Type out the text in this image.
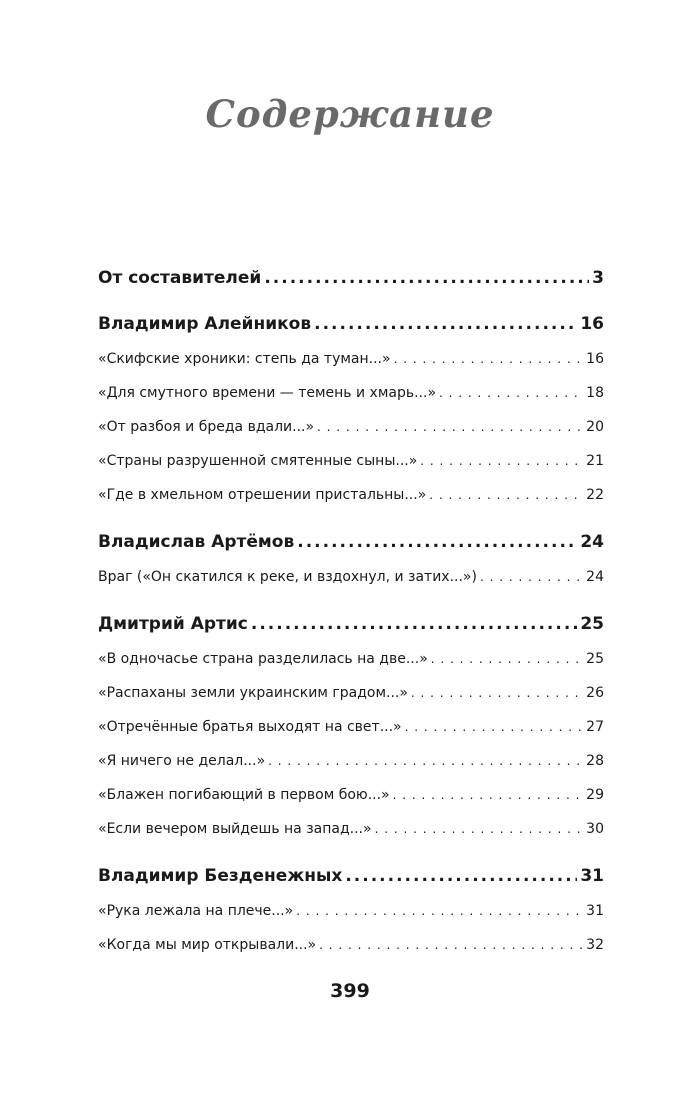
Содержание
От составителей .....	3
Владимир Алейников .....	16
«Скифские хроники: степь да туман...» . . .	16
«Для смутного времени — темень и хмарь...» . . .	18
«От разбоя и бреда вдали...» . . .	20
«Страны разрушенной смятенные сыны...» . . .	21
«Где в хмельном отрешении пристальны...» . . .	22
Владислав Артёмов .....	24
Враг («Он скатился к реке, и вздохнул, и затих...») . . .	24
Дмитрий Артис .....	25
«В одночасье страна разделилась на две...» . . .	25
«Распаханы земли украинским градом...» . . .	26
«Отречённые братья выходят на свет...» . . .	27
«Я ничего не делал...» . . .	28
«Блажен погибающий в первом бою...» . . .	29
«Если вечером выйдешь на запад...» . . .	30
Владимир Безденежных .....	31
«Рука лежала на плече...» . . .	31
«Когда мы мир открывали...» . . .	32
399
